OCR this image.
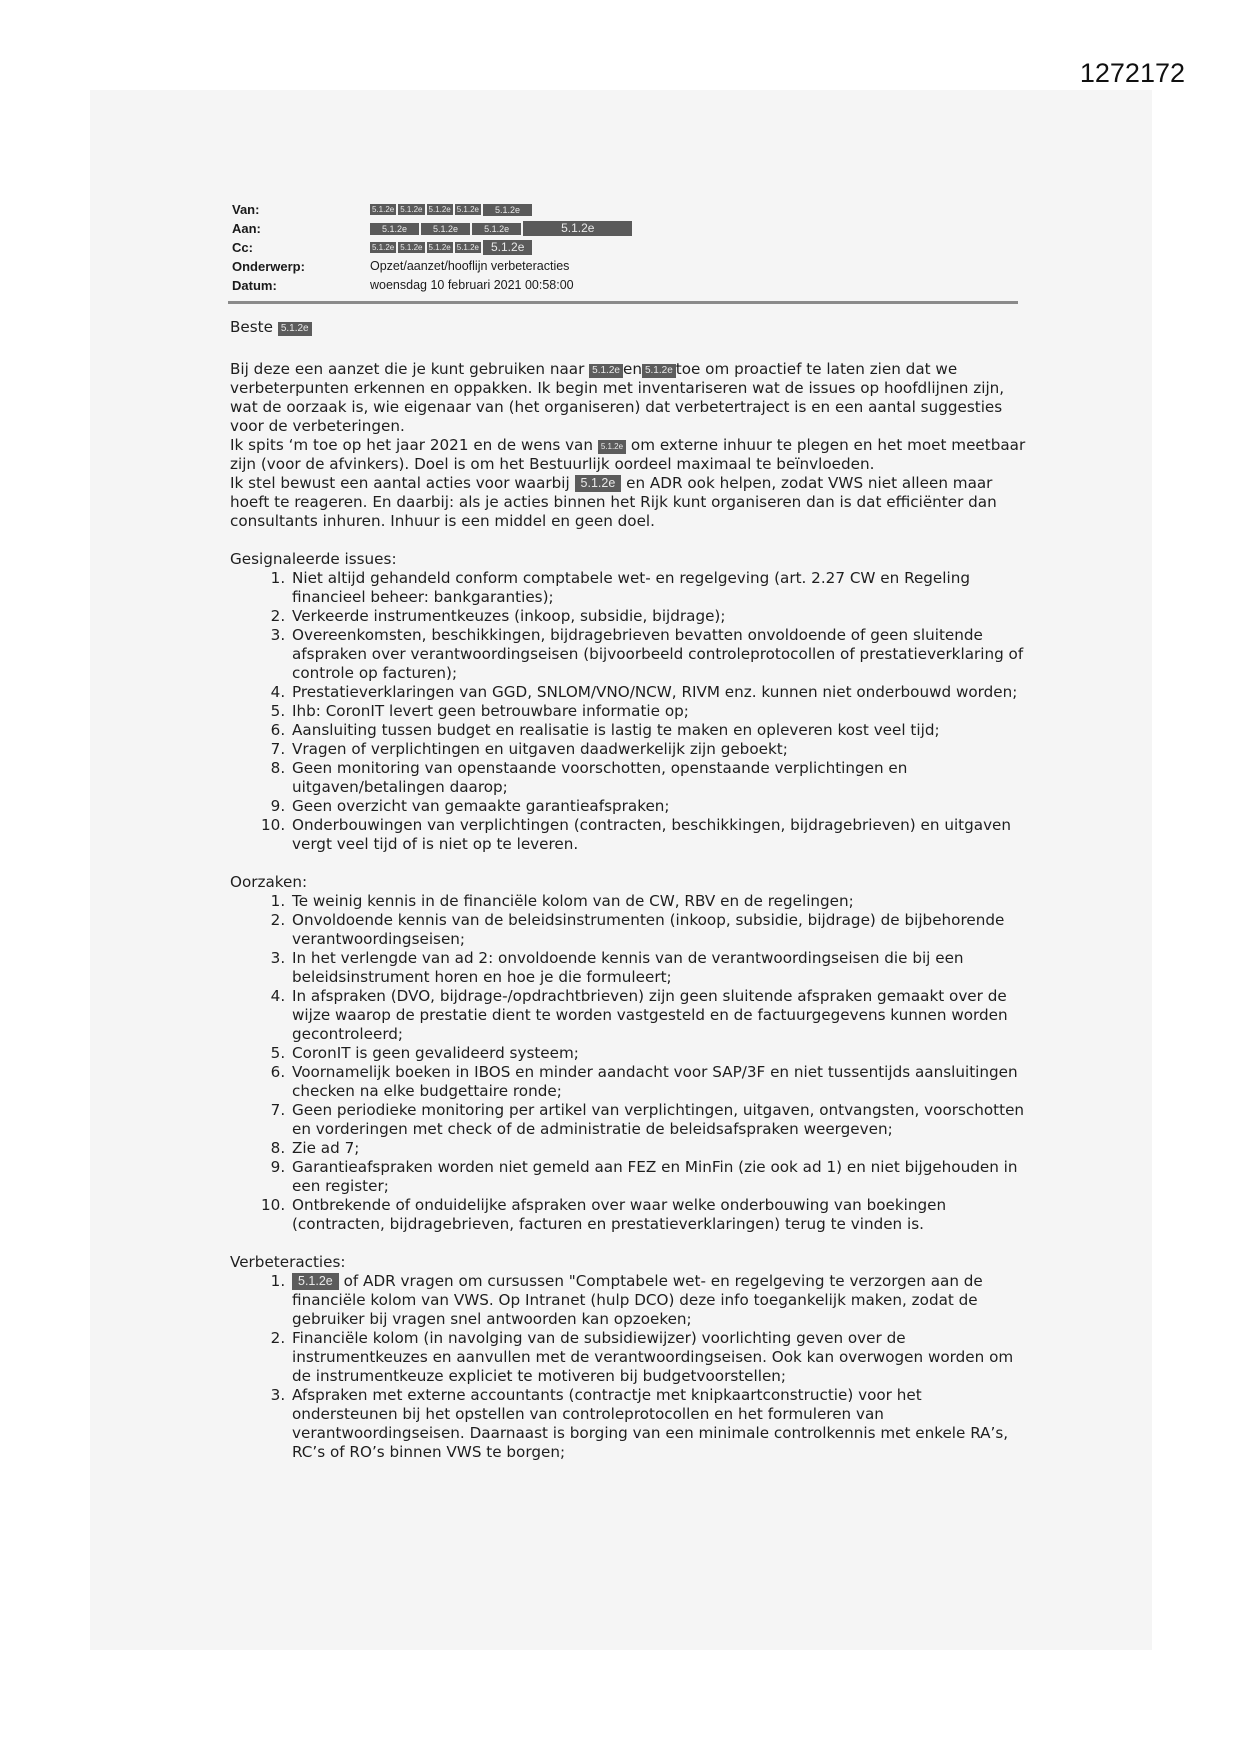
1272172
Van:	5.1.2e 5.1.2e 5.1.2e 5.1.2e 5.1.2e
Aan:	5.1.2e	5.1.2e	5.1.2e	5.1.2e
Cc:	5.1.2e 5.1.2e 5.1.2e 5.1.2e 5.1.2e
Onderwerp:	Opzet/aanzet/hooflijn verbeteracties
Datum:	woensdag 10 februari 2021 00:58:00

Beste 5.1.2e

Bij deze een aanzet die je kunt gebruiken naar 5.1.2e en 5.1.2e toe om proactief te laten zien dat we verbeterpunten erkennen en oppakken. Ik begin met inventariseren wat de issues op hoofdlijnen zijn, wat de oorzaak is, wie eigenaar van (het organiseren) dat verbetertraject is en een aantal suggesties voor de verbeteringen.

Ik spits ‘m toe op het jaar 2021 en de wens van 5.1.2e om externe inhuur te plegen en het moet meetbaar zijn (voor de afvinkers). Doel is om het Bestuurlijk oordeel maximaal te beïnvloeden.

Ik stel bewust een aantal acties voor waarbij 5.1.2e en ADR ook helpen, zodat VWS niet alleen maar hoeft te reageren. En daarbij: als je acties binnen het Rijk kunt organiseren dan is dat efficiënter dan consultants inhuren. Inhuur is een middel en geen doel.

Gesignaleerde issues:

1. Niet altijd gehandeld conform comptabele wet- en regelgeving (art. 2.27 CW en Regeling financieel beheer: bankgaranties);
2. Verkeerde instrumentkeuzes (inkoop, subsidie, bijdrage);
3. Overeenkomsten, beschikkingen, bijdragebrieven bevatten onvoldoende of geen sluitende afspraken over verantwoordingseisen (bijvoorbeeld controleprotocollen of prestatieverklaring of controle op facturen);
4. Prestatieverklaringen van GGD, SNLOM/VNO/NCW, RIVM enz. kunnen niet onderbouwd worden;
5. Ihb: CoronIT levert geen betrouwbare informatie op;
6. Aansluiting tussen budget en realisatie is lastig te maken en opleveren kost veel tijd;
7. Vragen of verplichtingen en uitgaven daadwerkelijk zijn geboekt;
8. Geen monitoring van openstaande voorschotten, openstaande verplichtingen en uitgaven/betalingen daarop;
9. Geen overzicht van gemaakte garantieafspraken;
10. Onderbouwingen van verplichtingen (contracten, beschikkingen, bijdragebrieven) en uitgaven vergt veel tijd of is niet op te leveren.

Oorzaken:

1. Te weinig kennis in de financiële kolom van de CW, RBV en de regelingen;
2. Onvoldoende kennis van de beleidsinstrumenten (inkoop, subsidie, bijdrage) de bijbehorende verantwoordingseisen;
3. In het verlengde van ad 2: onvoldoende kennis van de verantwoordingseisen die bij een beleidsinstrument horen en hoe je die formuleert;
4. In afspraken (DVO, bijdrage-/opdrachtbrieven) zijn geen sluitende afspraken gemaakt over de wijze waarop de prestatie dient te worden vastgesteld en de factuurgegevens kunnen worden gecontroleerd;
5. CoronIT is geen gevalideerd systeem;
6. Voornamelijk boeken in IBOS en minder aandacht voor SAP/3F en niet tussentijds aansluitingen checken na elke budgettaire ronde;
7. Geen periodieke monitoring per artikel van verplichtingen, uitgaven, ontvangsten, voorschotten en vorderingen met check of de administratie de beleidsafspraken weergeven;
8. Zie ad 7;
9. Garantieafspraken worden niet gemeld aan FEZ en MinFin (zie ook ad 1) en niet bijgehouden in een register;
10. Ontbrekende of onduidelijke afspraken over waar welke onderbouwing van boekingen (contracten, bijdragebrieven, facturen en prestatieverklaringen) terug te vinden is.

Verbeteracties:

1. 5.1.2e of ADR vragen om cursussen "Comptabele wet- en regelgeving te verzorgen aan de financiële kolom van VWS. Op Intranet (hulp DCO) deze info toegankelijk maken, zodat de gebruiker bij vragen snel antwoorden kan opzoeken;
2. Financiële kolom (in navolging van de subsidiewijzer) voorlichting geven over de instrumentkeuzes en aanvullen met de verantwoordingseisen. Ook kan overwogen worden om de instrumentkeuze expliciet te motiveren bij budgetvoorstellen;
3. Afspraken met externe accountants (contractje met knipkaartconstructie) voor het ondersteunen bij het opstellen van controleprotocollen en het formuleren van verantwoordingseisen. Daarnaast is borging van een minimale controlkennis met enkele RA’s, RC’s of RO’s binnen VWS te borgen;
